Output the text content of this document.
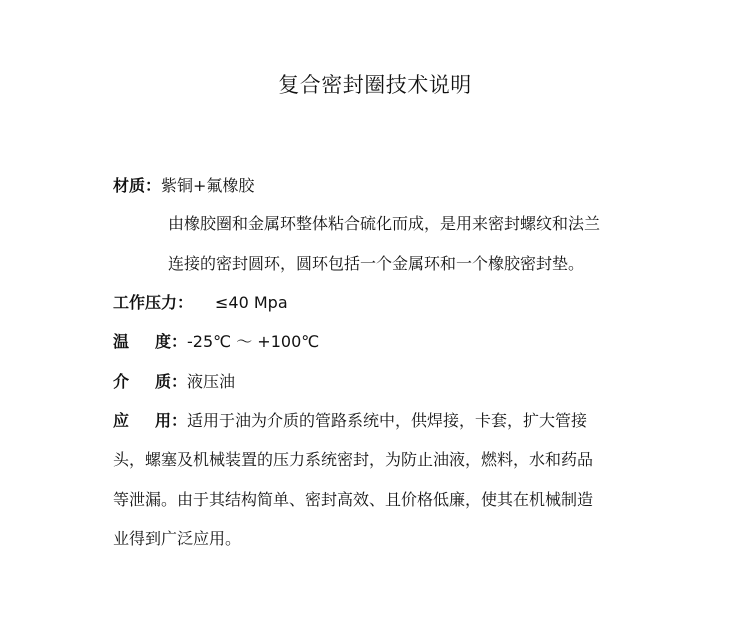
复合密封圈技术说明
材质：紫铜+氟橡胶
由橡胶圈和金属环整体粘合硫化而成，是用来密封螺纹和法兰
连接的密封圆环，圆环包括一个金属环和一个橡胶密封垫。
工作压力： ≤40 Mpa
温 度：-25℃ ～ +100℃
介 质：液压油
应 用：适用于油为介质的管路系统中，供焊接，卡套，扩大管接
头，螺塞及机械装置的压力系统密封，为防止油液，燃料，水和药品
等泄漏。由于其结构简单、密封高效、且价格低廉，使其在机械制造
业得到广泛应用。
